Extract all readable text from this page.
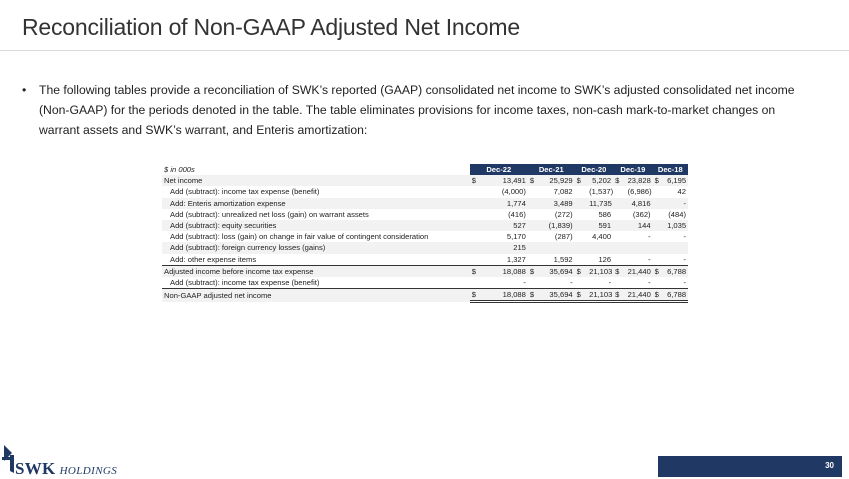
Reconciliation of Non-GAAP Adjusted Net Income
• The following tables provide a reconciliation of SWK’s reported (GAAP) consolidated net income to SWK’s adjusted consolidated net income
(Non-GAAP) for the periods denoted in the table. The table eliminates provisions for income taxes, non-cash mark-to-market changes on
warrant assets and SWK’s warrant, and Enteris amortization:
$ in 000s	Dec-22		Dec-21		Dec-20		Dec-19		Dec-18	
Net income	$	13,491	$	25,929	$	5,202	$	23,828	$	6,195
Add (subtract): income tax expense (benefit)		(4,000)		7,082		(1,537)		(6,986)		42
Add: Enteris amortization expense		1,774		3,489		11,735		4,816		-
Add (subtract): unrealized net loss (gain) on warrant assets		(416)		(272)		586		(362)		(484)
Add (subtract): equity securities		527		(1,839)		591		144		1,035
Add (subtract): loss (gain) on change in fair value of contingent consideration		5,170		(287)		4,400		-		-
Add (subtract): foreign currency losses (gains)		215								
Add: other expense items		1,327		1,592		126		-		-
Adjusted income before income tax expense	$	18,088	$	35,694	$	21,103	$	21,440	$	6,788
Add (subtract): income tax expense (benefit)		-		-		-		-		-
Non-GAAP adjusted net income	$	18,088	$	35,694	$	21,103	$	21,440	$	6,788
SWK HOLDINGS	30
